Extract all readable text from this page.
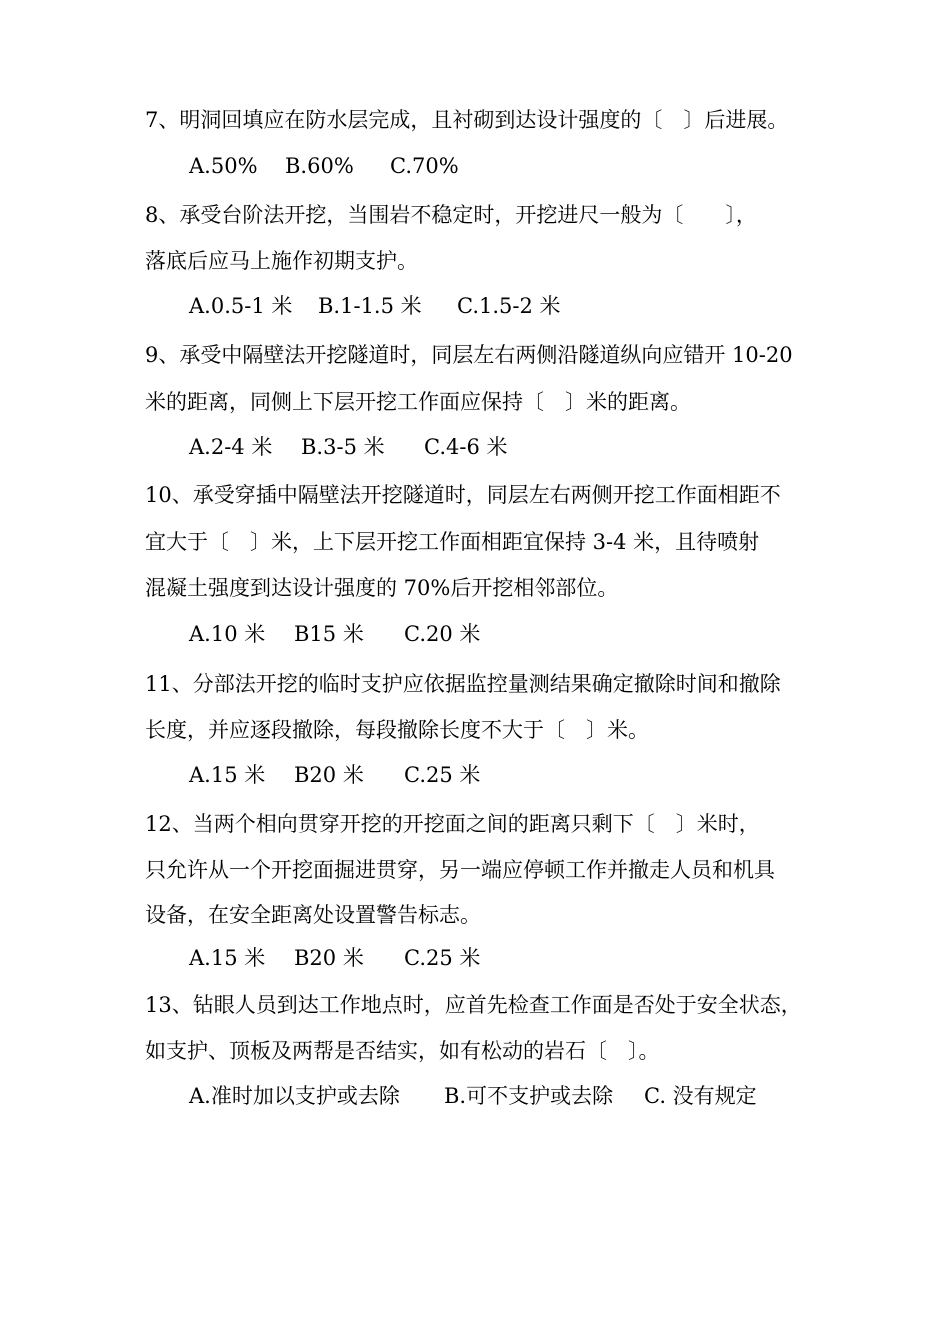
7、明洞回填应在防水层完成，且衬砌到达设计强度的〔　〕后进展。
A.50% B.60% C.70%
8、承受台阶法开挖，当围岩不稳定时，开挖进尺一般为〔　　〕，
落底后应马上施作初期支护。
A.0.5-1 米 B.1-1.5 米 C.1.5-2 米
9、承受中隔壁法开挖隧道时，同层左右两侧沿隧道纵向应错开 10-20
米的距离，同侧上下层开挖工作面应保持〔　〕米的距离。
A.2-4 米 B.3-5 米 C.4-6 米
10、承受穿插中隔壁法开挖隧道时，同层左右两侧开挖工作面相距不
宜大于〔　〕米，上下层开挖工作面相距宜保持 3-4 米，且待喷射
混凝土强度到达设计强度的 70%后开挖相邻部位。
A.10 米 B15 米 C.20 米
11、分部法开挖的临时支护应依据监控量测结果确定撤除时间和撤除
长度，并应逐段撤除，每段撤除长度不大于〔　〕米。
A.15 米 B20 米 C.25 米
12、当两个相向贯穿开挖的开挖面之间的距离只剩下〔　〕米时，
只允许从一个开挖面掘进贯穿，另一端应停顿工作并撤走人员和机具
设备，在安全距离处设置警告标志。
A.15 米 B20 米 C.25 米
13、钻眼人员到达工作地点时，应首先检查工作面是否处于安全状态，
如支护、顶板及两帮是否结实，如有松动的岩石〔　〕。
A.准时加以支护或去除 B.可不支护或去除 C. 没有规定
